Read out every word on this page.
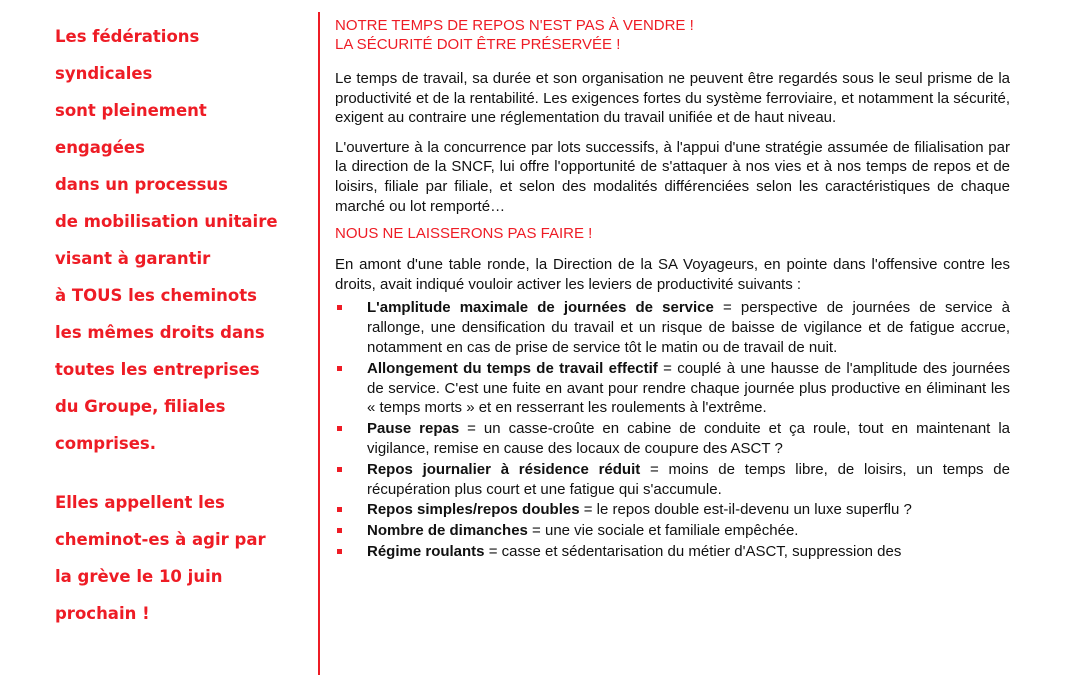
Les fédérations
syndicales
sont pleinement
engagées
dans un processus
de mobilisation unitaire
visant à garantir
à TOUS les cheminots
les mêmes droits dans
toutes les entreprises
du Groupe, filiales
comprises.
Elles appellent les
cheminot-es à agir par
la grève le 10 juin
prochain !
NOTRE TEMPS DE REPOS N'EST PAS À VENDRE !
LA SÉCURITÉ DOIT ÊTRE PRÉSERVÉE !

Le temps de travail, sa durée et son organisation ne peuvent être regardés sous le seul prisme de la productivité et de la rentabilité. Les exigences fortes du système ferroviaire, et notamment la sécurité, exigent au contraire une réglementation du travail unifiée et de haut niveau.

L'ouverture à la concurrence par lots successifs, à l'appui d'une stratégie assumée de filialisation par la direction de la SNCF, lui offre l'opportunité de s'attaquer à nos vies et à nos temps de repos et de loisirs, filiale par filiale, et selon des modalités différenciées selon les caractéristiques de chaque marché ou lot remporté…

NOUS NE LAISSERONS PAS FAIRE !

En amont d'une table ronde, la Direction de la SA Voyageurs, en pointe dans l'offensive contre les droits, avait indiqué vouloir activer les leviers de productivité suivants :

L'amplitude maximale de journées de service = perspective de journées de service à rallonge, une densification du travail et un risque de baisse de vigilance et de fatigue accrue, notamment en cas de prise de service tôt le matin ou de travail de nuit.
Allongement du temps de travail effectif = couplé à une hausse de l'amplitude des journées de service. C'est une fuite en avant pour rendre chaque journée plus productive en éliminant les « temps morts » et en resserrant les roulements à l'extrême.
Pause repas = un casse-croûte en cabine de conduite et ça roule, tout en maintenant la vigilance, remise en cause des locaux de coupure des ASCT ?
Repos journalier à résidence réduit = moins de temps libre, de loisirs, un temps de récupération plus court et une fatigue qui s'accumule.
Repos simples/repos doubles = le repos double est-il-devenu un luxe superflu ?
Nombre de dimanches = une vie sociale et familiale empêchée.
Régime roulants = casse et sédentarisation du métier d'ASCT, suppression des
